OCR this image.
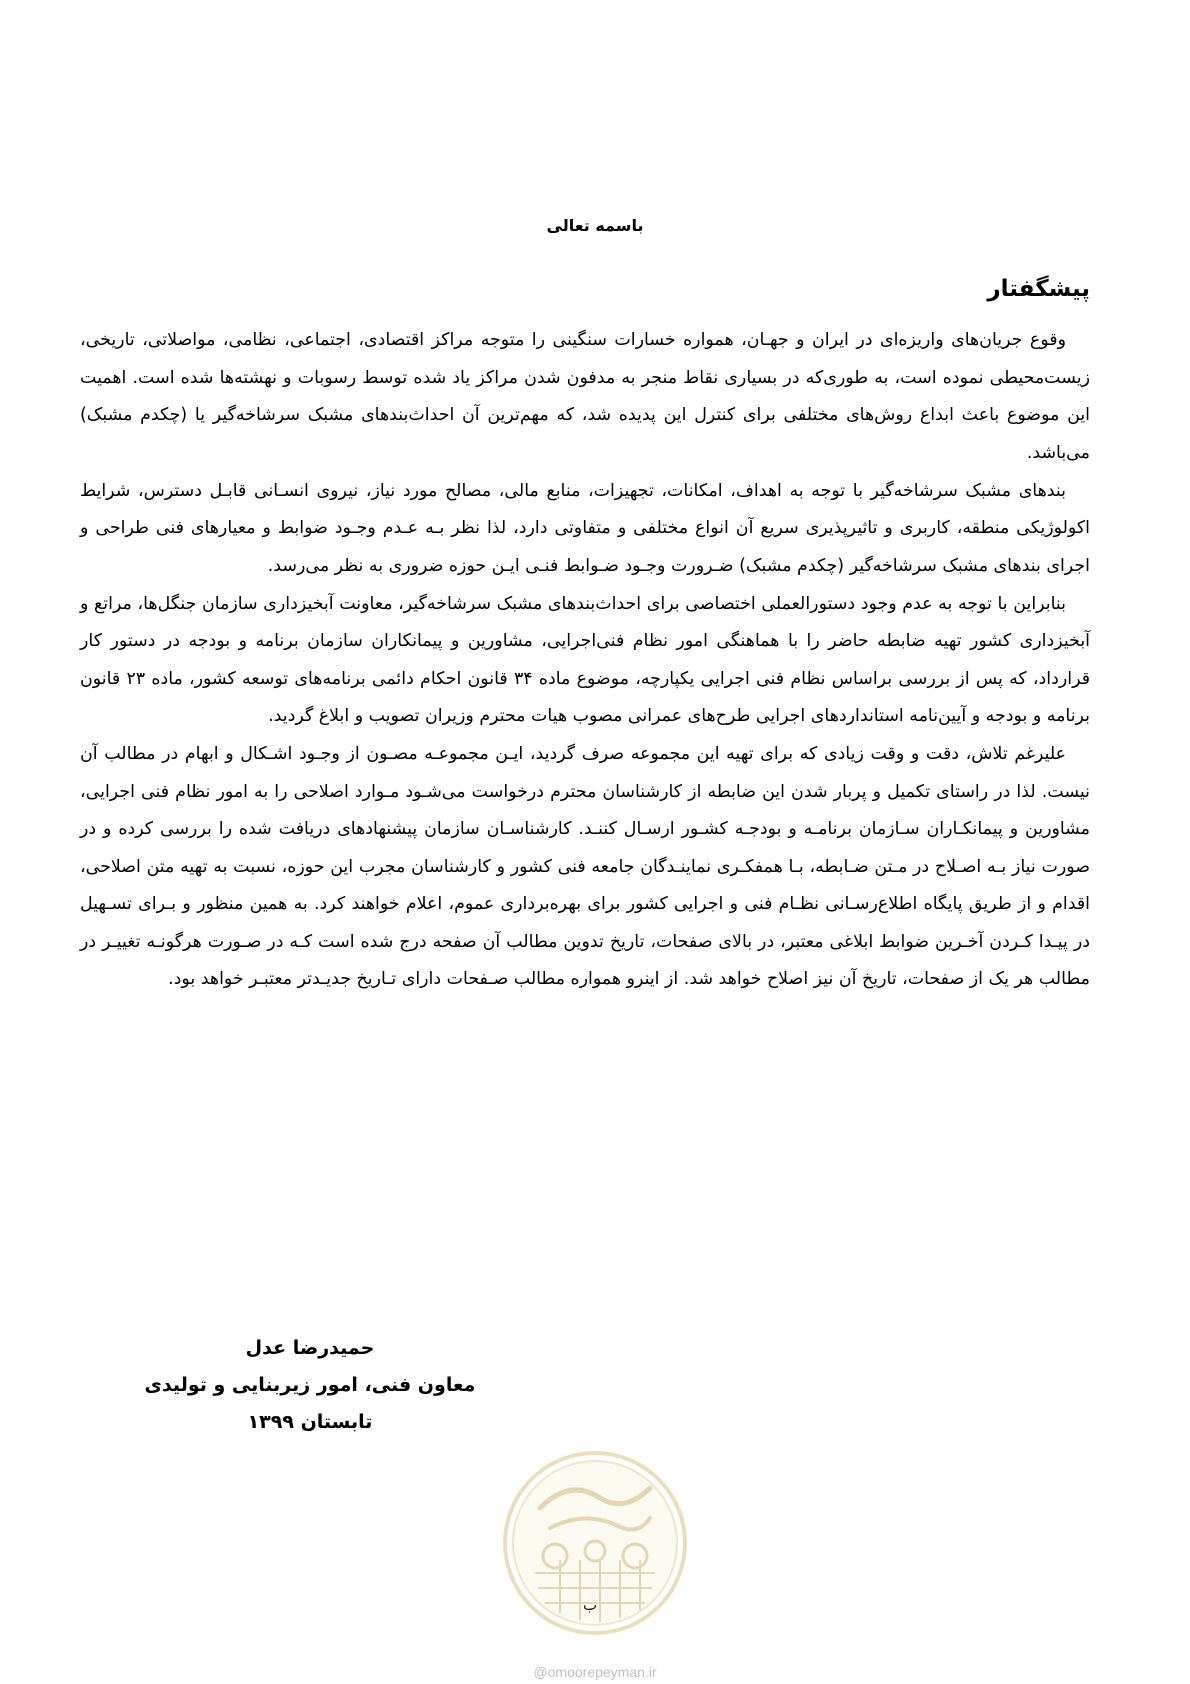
باسمه تعالی
پیشگفتار

وقوع جریان‌های واریزه‌ای در ایران و جهـان، همواره خسارات سنگینی را متوجه مراکز اقتصادی، اجتماعی، نظامی، مواصلاتی، تاریخی، زیست‌محیطی نموده است، به طوری‌که در بسیاری نقاط منجر به مدفون شدن مراکز یاد شده توسط رسوبات و نهشته‌ها شده است. اهمیت این موضوع باعث ابداع روش‌های مختلفی برای کنترل این پدیده شد، که مهم‌ترین آن احداث‌بندهای مشبک سرشاخه‌گیر یا (چکدم مشبک) می‌باشد.

بندهای مشبک سرشاخه‌گیر با توجه به اهداف، امکانات، تجهیزات، منابع مالی، مصالح مورد نیاز، نیروی انسـانی قابـل دسترس، شرایط اکولوژیکی منطقه، کاربری و تاثیرپذیری سریع آن انواع مختلفی و متفاوتی دارد، لذا نظر بـه عـدم وجـود ضوابط و معیارهای فنی طراحی و اجرای بندهای مشبک سرشاخه‌گیر (چکدم مشبک) ضـرورت وجـود ضـوابط فنـی ایـن حوزه ضروری به نظر می‌رسد.

بنابراین با توجه به عدم وجود دستورالعملی اختصاصی برای احداث‌بندهای مشبک سرشاخه‌گیر، معاونت آبخیزداری سازمان جنگل‌ها، مراتع و آبخیزداری کشور تهیه ضابطه حاضر را با هماهنگی امور نظام فنی‌اجرایی، مشاورین و پیمانکاران سازمان برنامه و بودجه در دستور کار قرارداد، که پس از بررسی براساس نظام فنی اجرایی یکپارچه، موضوع ماده ۳۴ قانون احکام دائمی برنامه‌های توسعه کشور، ماده ۲۳ قانون برنامه و بودجه و آیین‌نامه استانداردهای اجرایی طرح‌های عمرانی مصوب هیات محترم وزیران تصویب و ابلاغ گردید.

علیرغم تلاش، دقت و وقت زیادی که برای تهیه این مجموعه صرف گردید، ایـن مجموعـه مصـون از وجـود اشـکال و ابهام در مطالب آن نیست. لذا در راستای تکمیل و پربار شدن این ضابطه از کارشناسان محترم درخواست می‌شـود مـوارد اصلاحی را به امور نظام فنی اجرایی، مشاورین و پیمانکـاران سـازمان برنامـه و بودجـه کشـور ارسـال کننـد. کارشناسـان سازمان پیشنهادهای دریافت شده را بررسی کرده و در صورت نیاز بـه اصـلاح در مـتن ضـابطه، بـا همفکـری نماینـدگان جامعه فنی کشور و کارشناسان مجرب این حوزه، نسبت به تهیه متن اصلاحی، اقدام و از طریق پایگاه اطلاع‌رسـانی نظـام فنی و اجرایی کشور برای بهره‌برداری عموم، اعلام خواهند کرد. به همین منظور و بـرای تسـهیل در پیـدا کـردن آخـرین ضوابط ابلاغی معتبر، در بالای صفحات، تاریخ تدوین مطالب آن صفحه درج شده است کـه در صـورت هرگونـه تغییـر در مطالب هر یک از صفحات، تاریخ آن نیز اصلاح خواهد شد. از اینرو همواره مطالب صـفحات دارای تـاریخ جدیـدتر معتبـر خواهد بود.

حمیدرضا عدل
معاون فنی، امور زیربنایی و تولیدی
تابستان ۱۳۹۹
ب
@omoorepeyman.ir
